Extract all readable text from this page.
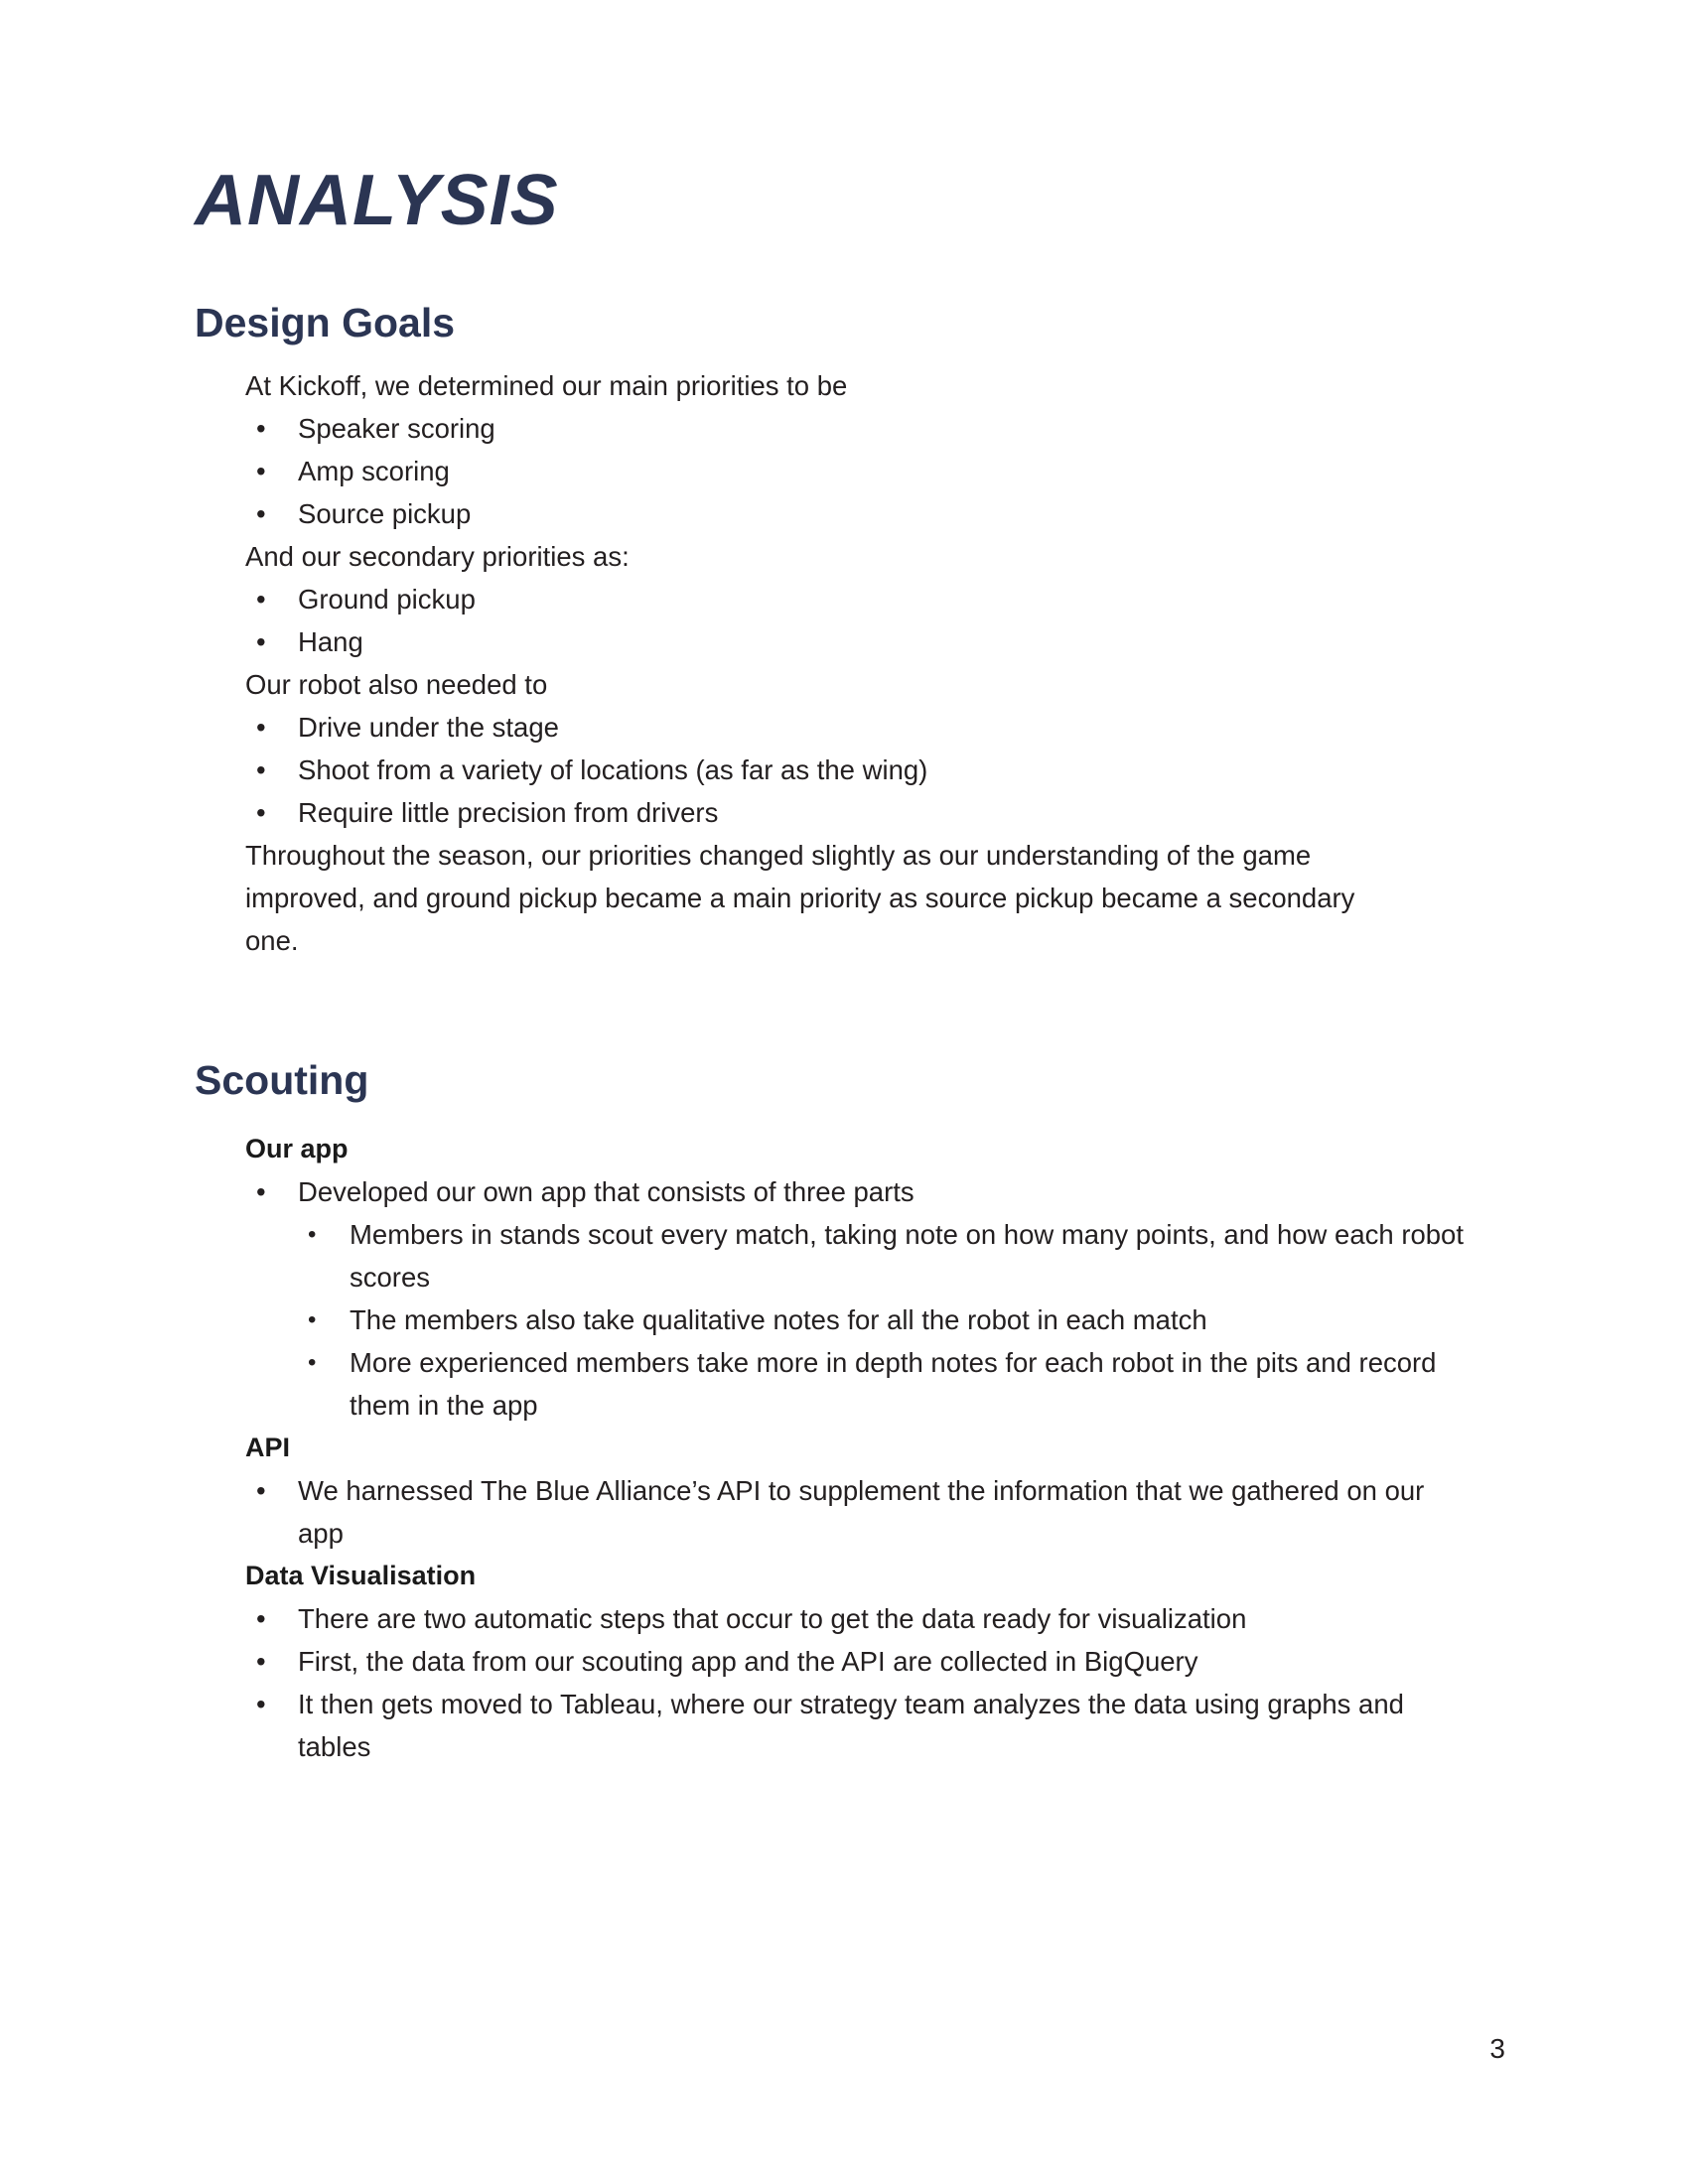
ANALYSIS
Design Goals

At Kickoff, we determined our main priorities to be

• Speaker scoring
• Amp scoring
• Source pickup

And our secondary priorities as:

• Ground pickup
• Hang

Our robot also needed to

• Drive under the stage
• Shoot from a variety of locations (as far as the wing)
• Require little precision from drivers

Throughout the season, our priorities changed slightly as our understanding of the game improved, and ground pickup became a main priority as source pickup became a secondary one.

Scouting
Our app
• Developed our own app that consists of three parts
• Members in stands scout every match, taking note on how many points, and how each robot scores
• The members also take qualitative notes for all the robot in each match
• More experienced members take more in depth notes for each robot in the pits and record them in the app
API
• We harnessed The Blue Alliance’s API to supplement the information that we gathered on our app
Data Visualisation
• There are two automatic steps that occur to get the data ready for visualization
• First, the data from our scouting app and the API are collected in BigQuery
• It then gets moved to Tableau, where our strategy team analyzes the data using graphs and tables
3
